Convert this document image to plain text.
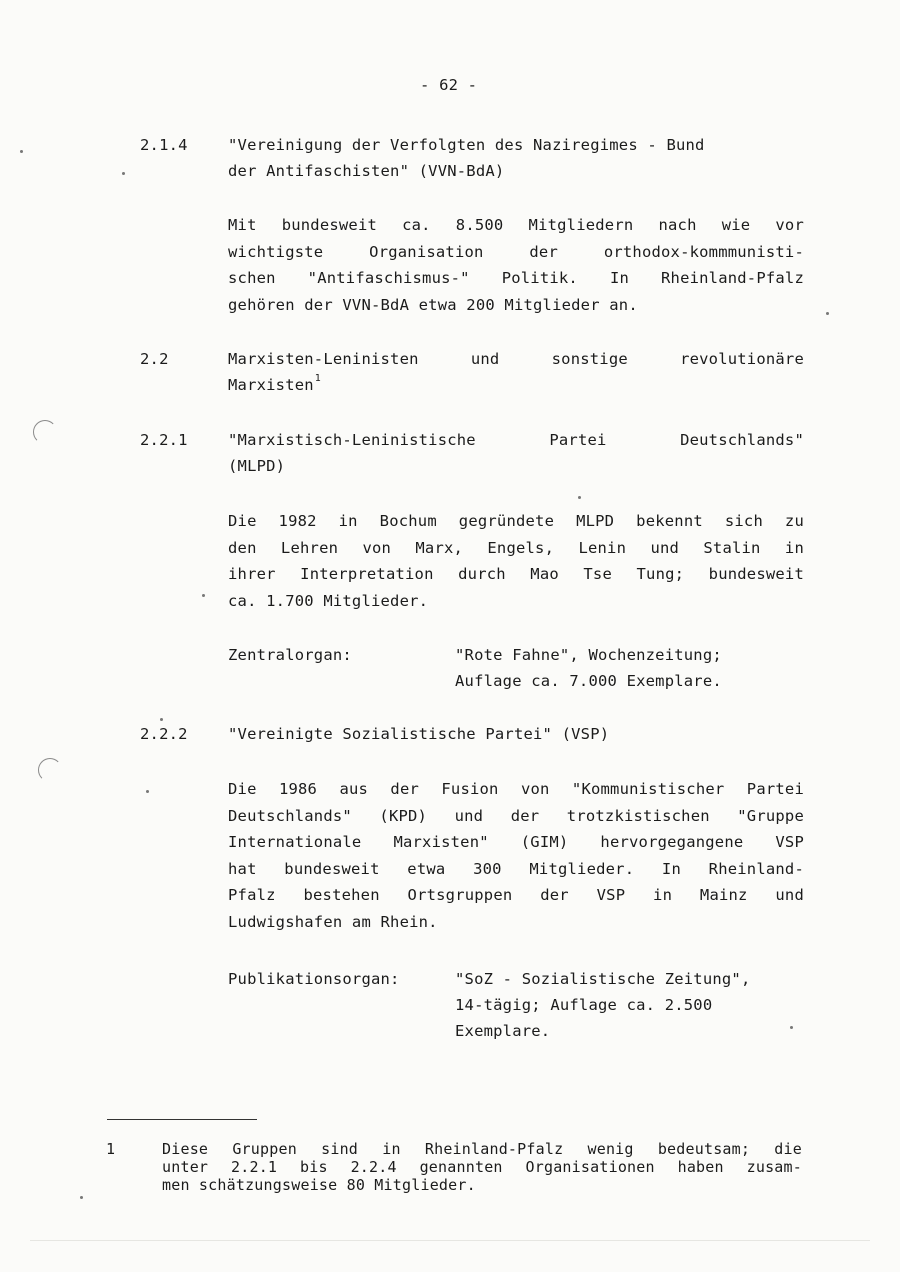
- 62 -
2.1.4	"Vereinigung der Verfolgten des Naziregimes - Bund
der Antifaschisten" (VVN-BdA)
Mit bundesweit ca. 8.500 Mitgliedern nach wie vor
wichtigste Organisation der orthodox-kommmunisti-
schen "Antifaschismus-" Politik. In Rheinland-Pfalz
gehören der VVN-BdA etwa 200 Mitglieder an.
2.2	Marxisten-Leninisten und sonstige revolutionäre
Marxisten$^1$
2.2.1	"Marxistisch-Leninistische Partei Deutschlands"
(MLPD)
Die 1982 in Bochum gegründete MLPD bekennt sich zu
den Lehren von Marx, Engels, Lenin und Stalin in
ihrer Interpretation durch Mao Tse Tung; bundesweit
ca. 1.700 Mitglieder.
Zentralorgan:	"Rote Fahne", Wochenzeitung;
Auflage ca. 7.000 Exemplare.
2.2.2	"Vereinigte Sozialistische Partei" (VSP)
Die 1986 aus der Fusion von "Kommunistischer Partei
Deutschlands" (KPD) und der trotzkistischen "Gruppe
Internationale Marxisten" (GIM) hervorgegangene VSP
hat bundesweit etwa 300 Mitglieder. In Rheinland-
Pfalz bestehen Ortsgruppen der VSP in Mainz und
Ludwigshafen am Rhein.
Publikationsorgan:	"SoZ - Sozialistische Zeitung",
14-tägig; Auflage ca. 2.500
Exemplare.
1	Diese Gruppen sind in Rheinland-Pfalz wenig bedeutsam; die
unter 2.2.1 bis 2.2.4 genannten Organisationen haben zusam-
men schätzungsweise 80 Mitglieder.
